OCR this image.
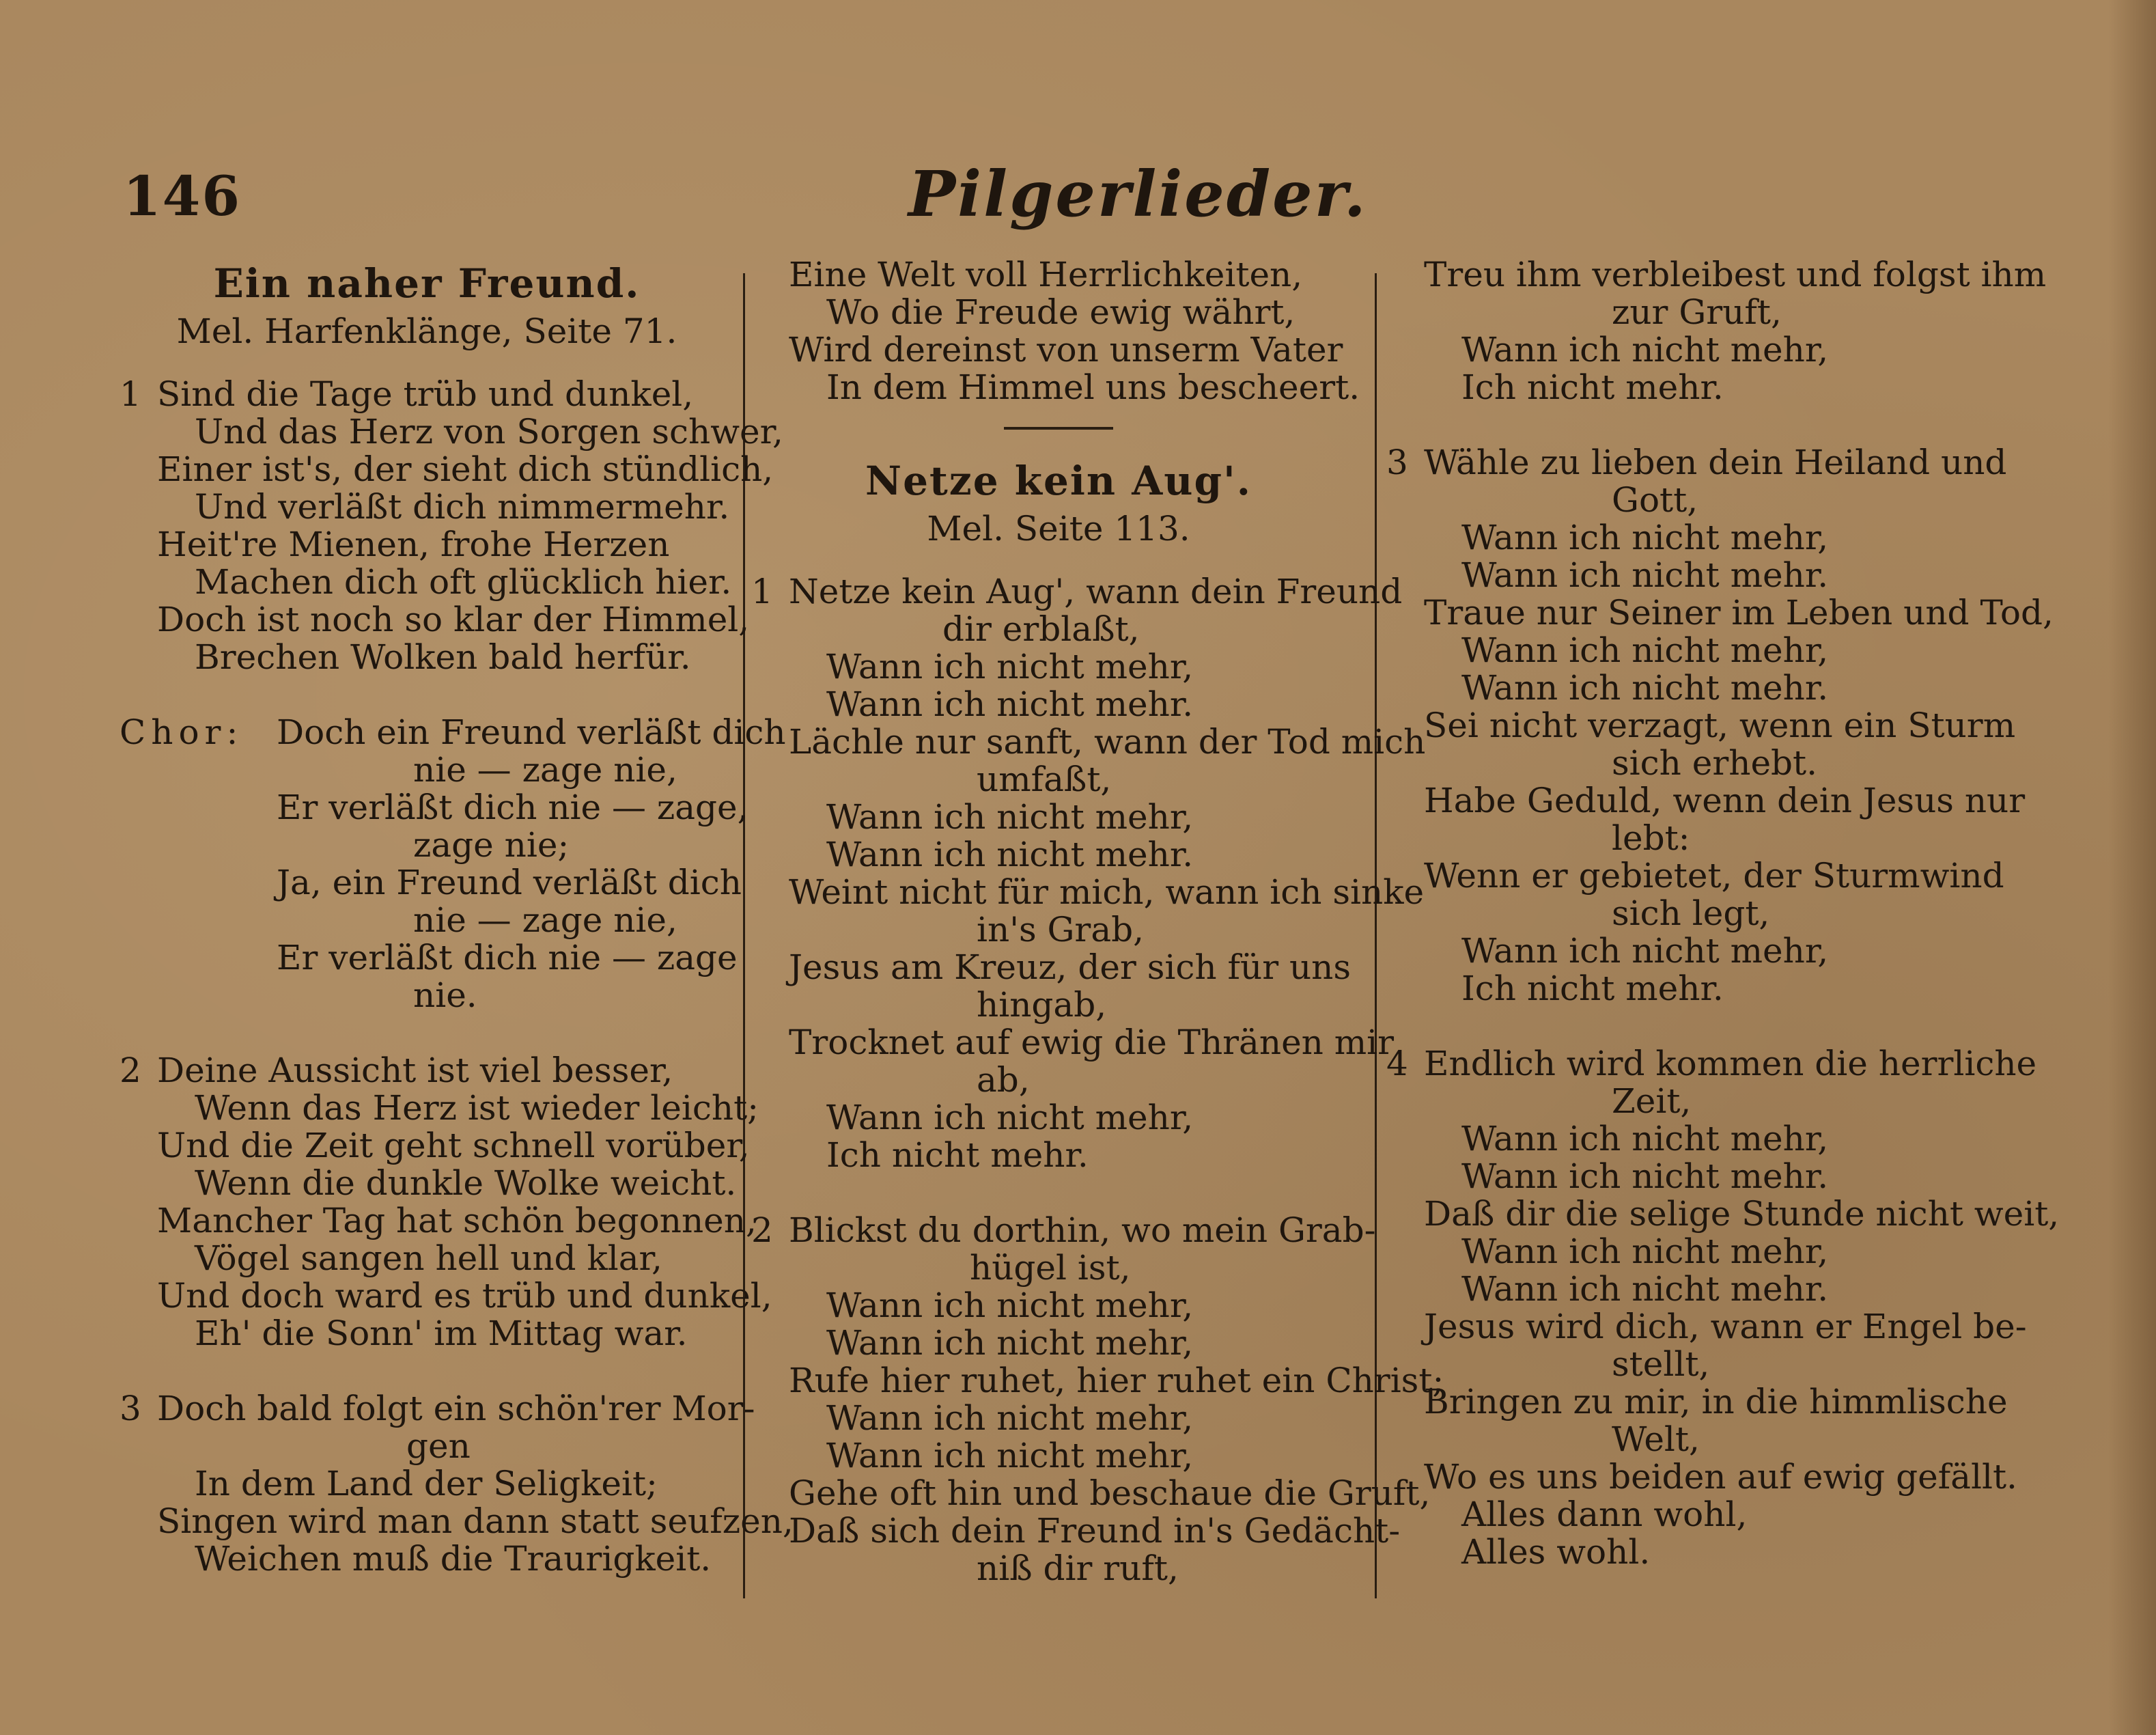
146	Pilgerlieder.
Ein naher Freund.
Mel. Harfenklänge, Seite 71.
1 Sind die Tage trüb und dunkel,
Und das Herz von Sorgen schwer,
Einer ist's, der sieht dich stündlich,
Und verläßt dich nimmermehr.
Heit're Mienen, frohe Herzen
Machen dich oft glücklich hier.
Doch ist noch so klar der Himmel,
Brechen Wolken bald herfür.
Chor: Doch ein Freund verläßt dich
nie — zage nie,
Er verläßt dich nie — zage,
zage nie;
Ja, ein Freund verläßt dich
nie — zage nie,
Er verläßt dich nie — zage
nie.
2 Deine Aussicht ist viel besser,
Wenn das Herz ist wieder leicht;
Und die Zeit geht schnell vorüber,
Wenn die dunkle Wolke weicht.
Mancher Tag hat schön begonnen,
Vögel sangen hell und klar,
Und doch ward es trüb und dunkel,
Eh' die Sonn' im Mittag war.
3 Doch bald folgt ein schön'rer Mor-
gen
In dem Land der Seligkeit;
Singen wird man dann statt seufzen,
Weichen muß die Traurigkeit.
Eine Welt voll Herrlichkeiten,
Wo die Freude ewig währt,
Wird dereinst von unserm Vater
In dem Himmel uns bescheert.
Netze kein Aug'.
Mel. Seite 113.
1 Netze kein Aug', wann dein Freund
dir erblaßt,
Wann ich nicht mehr,
Wann ich nicht mehr.
Lächle nur sanft, wann der Tod mich
umfaßt,
Wann ich nicht mehr,
Wann ich nicht mehr.
Weint nicht für mich, wann ich sinke
in's Grab,
Jesus am Kreuz, der sich für uns
hingab,
Trocknet auf ewig die Thränen mir
ab,
Wann ich nicht mehr,
Ich nicht mehr.
2 Blickst du dorthin, wo mein Grab-
hügel ist,
Wann ich nicht mehr,
Wann ich nicht mehr,
Rufe hier ruhet, hier ruhet ein Christ;
Wann ich nicht mehr,
Wann ich nicht mehr,
Gehe oft hin und beschaue die Gruft,
Daß sich dein Freund in's Gedächt-
niß dir ruft,
Treu ihm verbleibest und folgst ihm
zur Gruft,
Wann ich nicht mehr,
Ich nicht mehr.
3 Wähle zu lieben dein Heiland und
Gott,
Wann ich nicht mehr,
Wann ich nicht mehr.
Traue nur Seiner im Leben und Tod,
Wann ich nicht mehr,
Wann ich nicht mehr.
Sei nicht verzagt, wenn ein Sturm
sich erhebt.
Habe Geduld, wenn dein Jesus nur
lebt:
Wenn er gebietet, der Sturmwind
sich legt,
Wann ich nicht mehr,
Ich nicht mehr.
4 Endlich wird kommen die herrliche
Zeit,
Wann ich nicht mehr,
Wann ich nicht mehr.
Daß dir die selige Stunde nicht weit,
Wann ich nicht mehr,
Wann ich nicht mehr.
Jesus wird dich, wann er Engel be-
stellt,
Bringen zu mir, in die himmlische
Welt,
Wo es uns beiden auf ewig gefällt.
Alles dann wohl,
Alles wohl.
